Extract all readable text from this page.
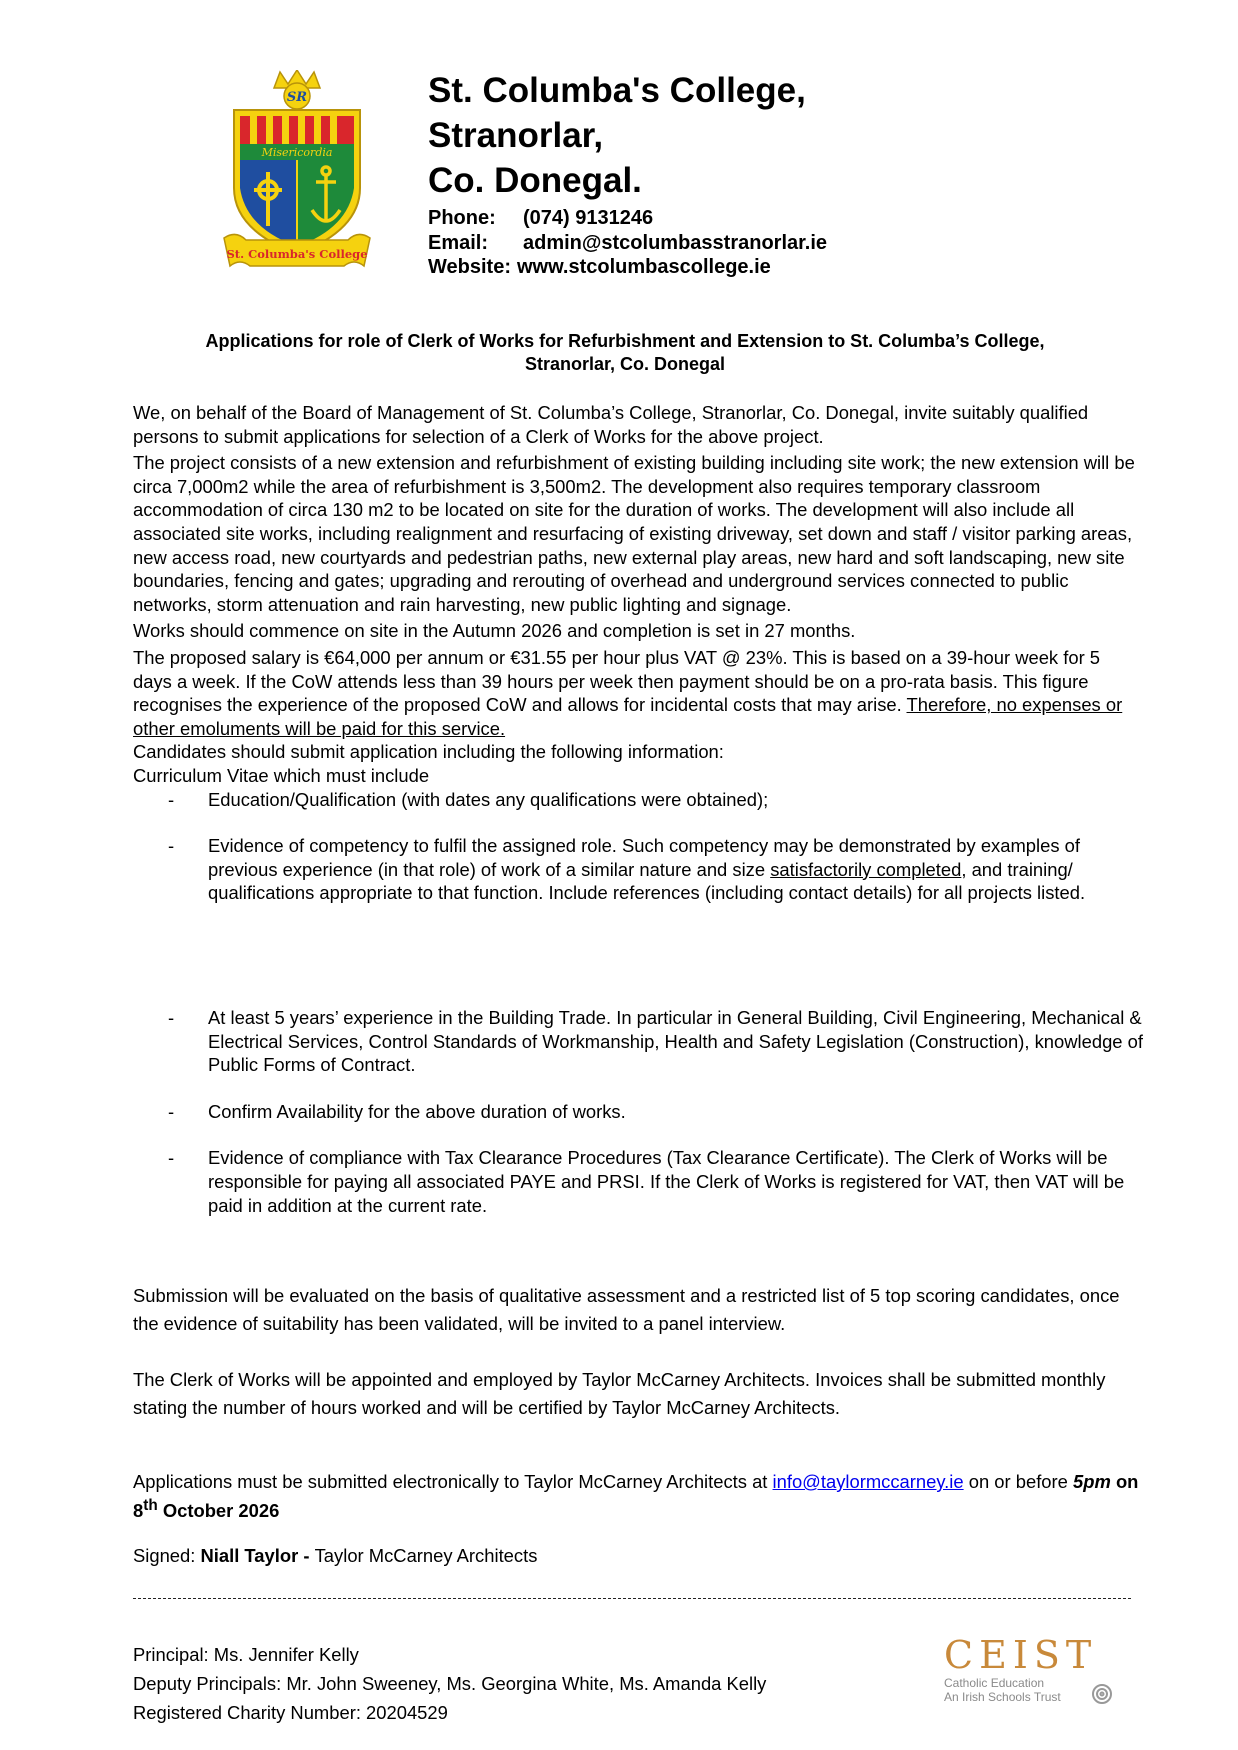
SR
Misericordia
St. Columba's College
St. Columba's College,
Stranorlar,
Co. Donegal.
Phone: (074) 9131246
Email: admin@stcolumbasstranorlar.ie
Website: www.stcolumbascollege.ie
Applications for role of Clerk of Works for Refurbishment and Extension to St. Columba’s College,
Stranorlar, Co. Donegal

We, on behalf of the Board of Management of St. Columba’s College, Stranorlar, Co. Donegal, invite suitably qualified persons to submit applications for selection of a Clerk of Works for the above project.

The project consists of a new extension and refurbishment of existing building including site work; the new extension will be circa 7,000m2 while the area of refurbishment is 3,500m2. The development also requires temporary classroom accommodation of circa 130 m2 to be located on site for the duration of works. The development will also include all associated site works, including realignment and resurfacing of existing driveway, set down and staff / visitor parking areas, new access road, new courtyards and pedestrian paths, new external play areas, new hard and soft landscaping, new site boundaries, fencing and gates; upgrading and rerouting of overhead and underground services connected to public networks, storm attenuation and rain harvesting, new public lighting and signage.

Works should commence on site in the Autumn 2026 and completion is set in 27 months.

The proposed salary is €64,000 per annum or €31.55 per hour plus VAT @ 23%. This is based on a 39-hour week for 5 days a week. If the CoW attends less than 39 hours per week then payment should be on a pro-rata basis. This figure recognises the experience of the proposed CoW and allows for incidental costs that may arise. Therefore, no expenses or other emoluments will be paid for this service.

Candidates should submit application including the following information:

Curriculum Vitae which must include

- Education/Qualification (with dates any qualifications were obtained);
- Evidence of competency to fulfil the assigned role. Such competency may be demonstrated by examples of previous experience (in that role) of work of a similar nature and size satisfactorily completed, and training/ qualifications appropriate to that function. Include references (including contact details) for all projects listed.
- At least 5 years’ experience in the Building Trade. In particular in General Building, Civil Engineering, Mechanical & Electrical Services, Control Standards of Workmanship, Health and Safety Legislation (Construction), knowledge of Public Forms of Contract.
- Confirm Availability for the above duration of works.
- Evidence of compliance with Tax Clearance Procedures (Tax Clearance Certificate). The Clerk of Works will be responsible for paying all associated PAYE and PRSI. If the Clerk of Works is registered for VAT, then VAT will be paid in addition at the current rate.
Submission will be evaluated on the basis of qualitative assessment and a restricted list of 5 top scoring candidates, once the evidence of suitability has been validated, will be invited to a panel interview.
The Clerk of Works will be appointed and employed by Taylor McCarney Architects. Invoices shall be submitted monthly stating the number of hours worked and will be certified by Taylor McCarney Architects.
Applications must be submitted electronically to Taylor McCarney Architects at info@taylormccarney.ie on or before 5pm on 8th October 2026
Signed: Niall Taylor - Taylor McCarney Architects
Principal: Ms. Jennifer Kelly
Deputy Principals: Mr. John Sweeney, Ms. Georgina White, Ms. Amanda Kelly
Registered Charity Number: 20204529
CEIST
Catholic Education
An Irish Schools Trust
